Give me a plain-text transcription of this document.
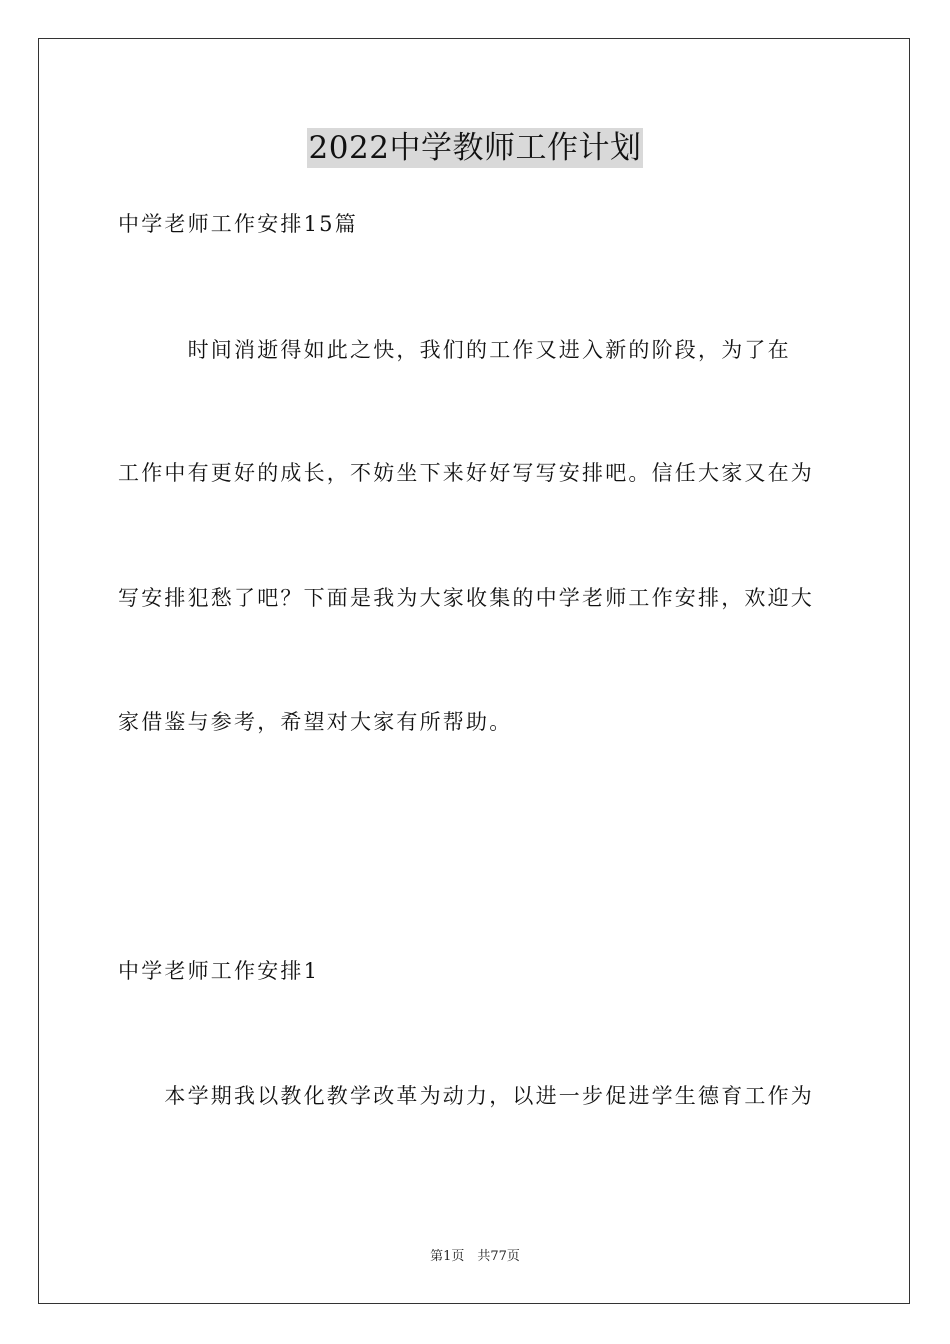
2022中学教师工作计划
中学老师工作安排15篇
　　　时间消逝得如此之快，我们的工作又进入新的阶段，为了在
工作中有更好的成长，不妨坐下来好好写写安排吧。信任大家又在为
写安排犯愁了吧？下面是我为大家收集的中学老师工作安排，欢迎大
家借鉴与参考，希望对大家有所帮助。
中学老师工作安排1
　　本学期我以教化教学改革为动力，以进一步促进学生德育工作为
第1页　共77页
